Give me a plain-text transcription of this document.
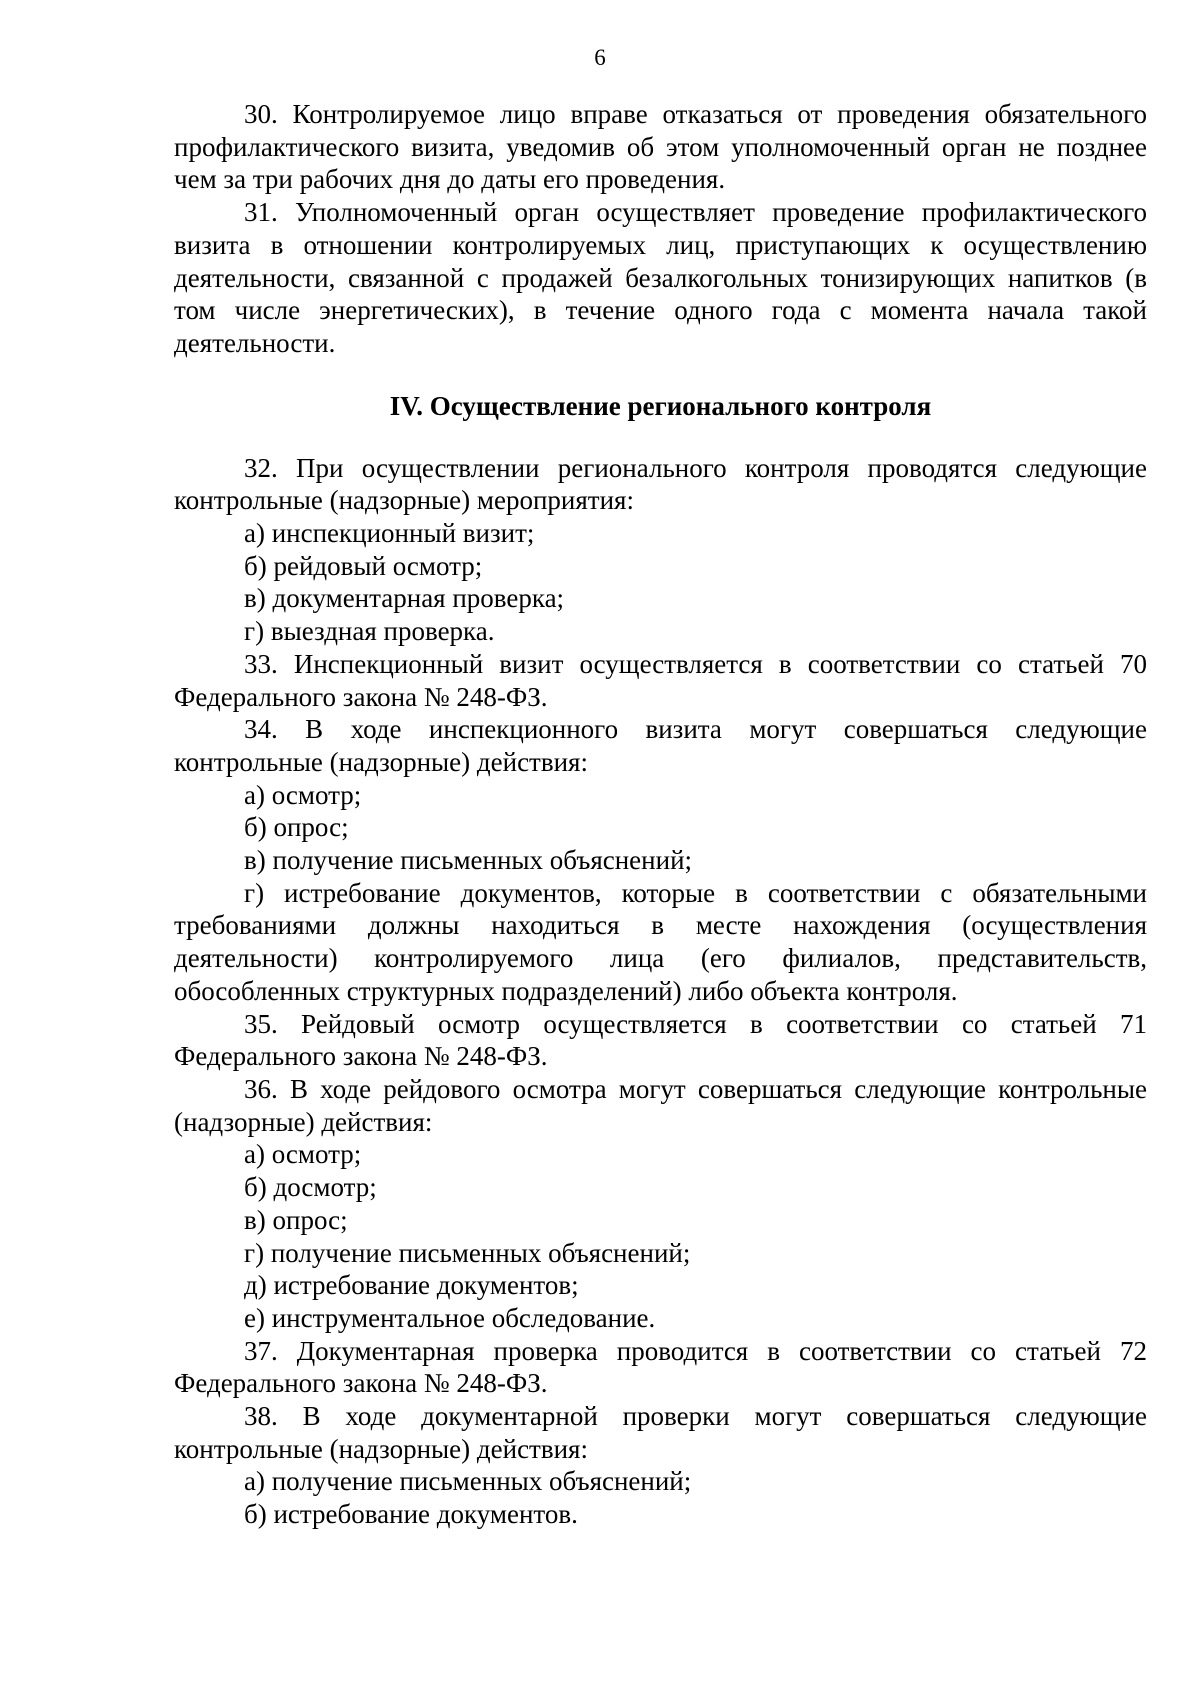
6

30. Контролируемое лицо вправе отказаться от проведения обязательного профилактического визита, уведомив об этом уполномоченный орган не позднее чем за три рабочих дня до даты его проведения.

31. Уполномоченный орган осуществляет проведение профилактического визита в отношении контролируемых лиц, приступающих к осуществлению деятельности, связанной с продажей безалкогольных тонизирующих напитков (в том числе энергетических), в течение одного года с момента начала такой деятельности.

IV. Осуществление регионального контроля

32. При осуществлении регионального контроля проводятся следующие контрольные (надзорные) мероприятия:

а) инспекционный визит;

б) рейдовый осмотр;

в) документарная проверка;

г) выездная проверка.

33. Инспекционный визит осуществляется в соответствии со статьей 70 Федерального закона № 248-ФЗ.

34. В ходе инспекционного визита могут совершаться следующие контрольные (надзорные) действия:

а) осмотр;

б) опрос;

в) получение письменных объяснений;

г) истребование документов, которые в соответствии с обязательными требованиями должны находиться в месте нахождения (осуществления деятельности) контролируемого лица (его филиалов, представительств, обособленных структурных подразделений) либо объекта контроля.

35. Рейдовый осмотр осуществляется в соответствии со статьей 71 Федерального закона № 248-ФЗ.

36. В ходе рейдового осмотра могут совершаться следующие контрольные (надзорные) действия:

а) осмотр;

б) досмотр;

в) опрос;

г) получение письменных объяснений;

д) истребование документов;

е) инструментальное обследование.

37. Документарная проверка проводится в соответствии со статьей 72 Федерального закона № 248-ФЗ.

38. В ходе документарной проверки могут совершаться следующие контрольные (надзорные) действия:

а) получение письменных объяснений;

б) истребование документов.
